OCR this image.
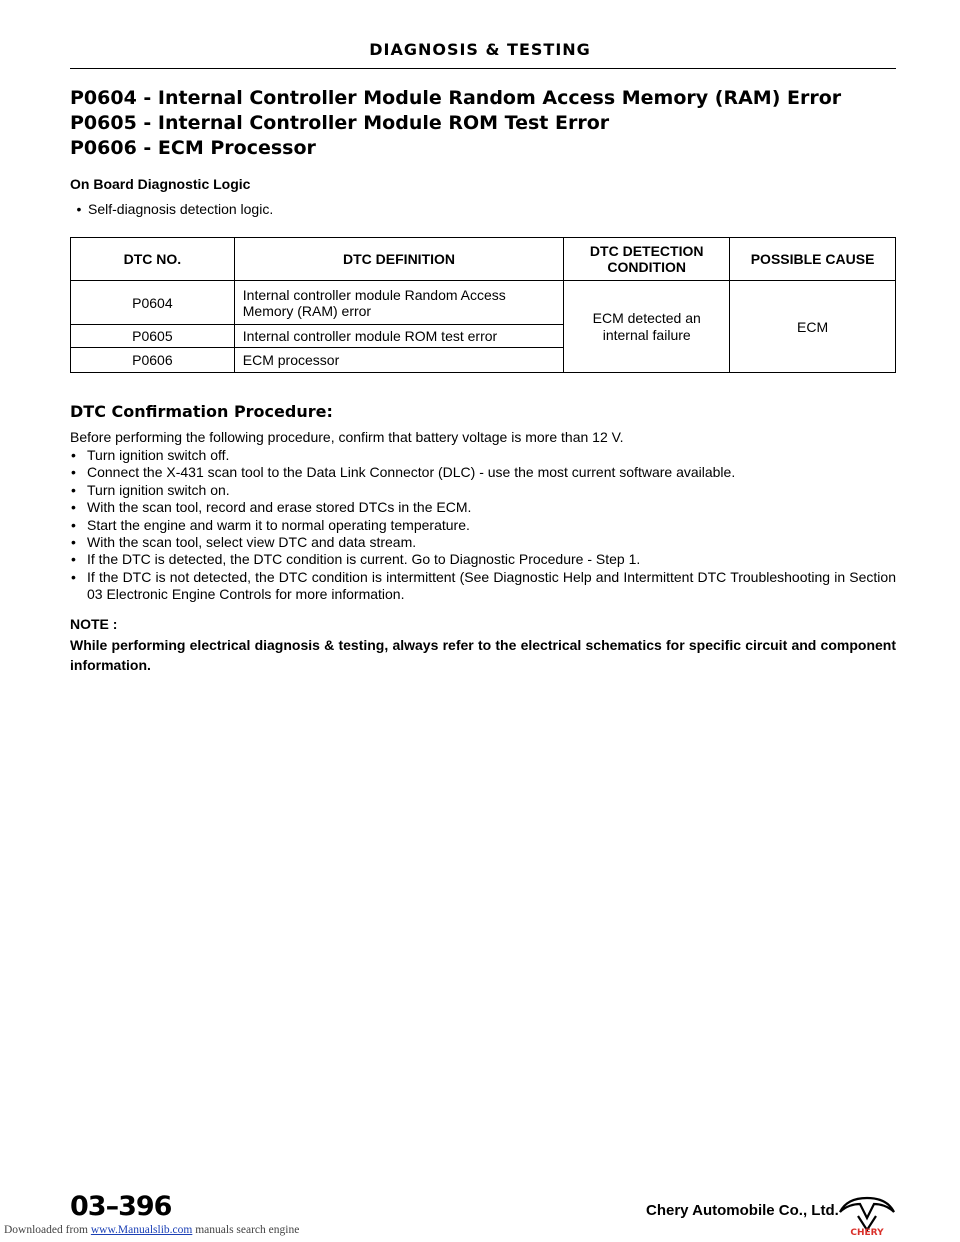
DIAGNOSIS & TESTING
P0604 - Internal Controller Module Random Access Memory (RAM) Error
P0605 - Internal Controller Module ROM Test Error
P0606 - ECM Processor
On Board Diagnostic Logic
• Self-diagnosis detection logic.
DTC NO.	DTC DEFINITION	DTC DETECTION CONDITION	POSSIBLE CAUSE
P0604	Internal controller module Random Access Memory (RAM) error	ECM detected an internal failure	ECM
P0605	Internal controller module ROM test error		
P0606	ECM processor		
DTC Confirmation Procedure:
Before performing the following procedure, confirm that battery voltage is more than 12 V.
• Turn ignition switch off.
• Connect the X-431 scan tool to the Data Link Connector (DLC) - use the most current software available.
• Turn ignition switch on.
• With the scan tool, record and erase stored DTCs in the ECM.
• Start the engine and warm it to normal operating temperature.
• With the scan tool, select view DTC and data stream.
• If the DTC is detected, the DTC condition is current. Go to Diagnostic Procedure - Step 1.
• If the DTC is not detected, the DTC condition is intermittent (See Diagnostic Help and Intermittent DTC Troubleshooting in Section 03 Electronic Engine Controls for more information.
NOTE :
While performing electrical diagnosis & testing, always refer to the electrical schematics for specific circuit and component information.
03–396	Chery Automobile Co., Ltd.
CHERY
Downloaded from www.Manualslib.com manuals search engine
